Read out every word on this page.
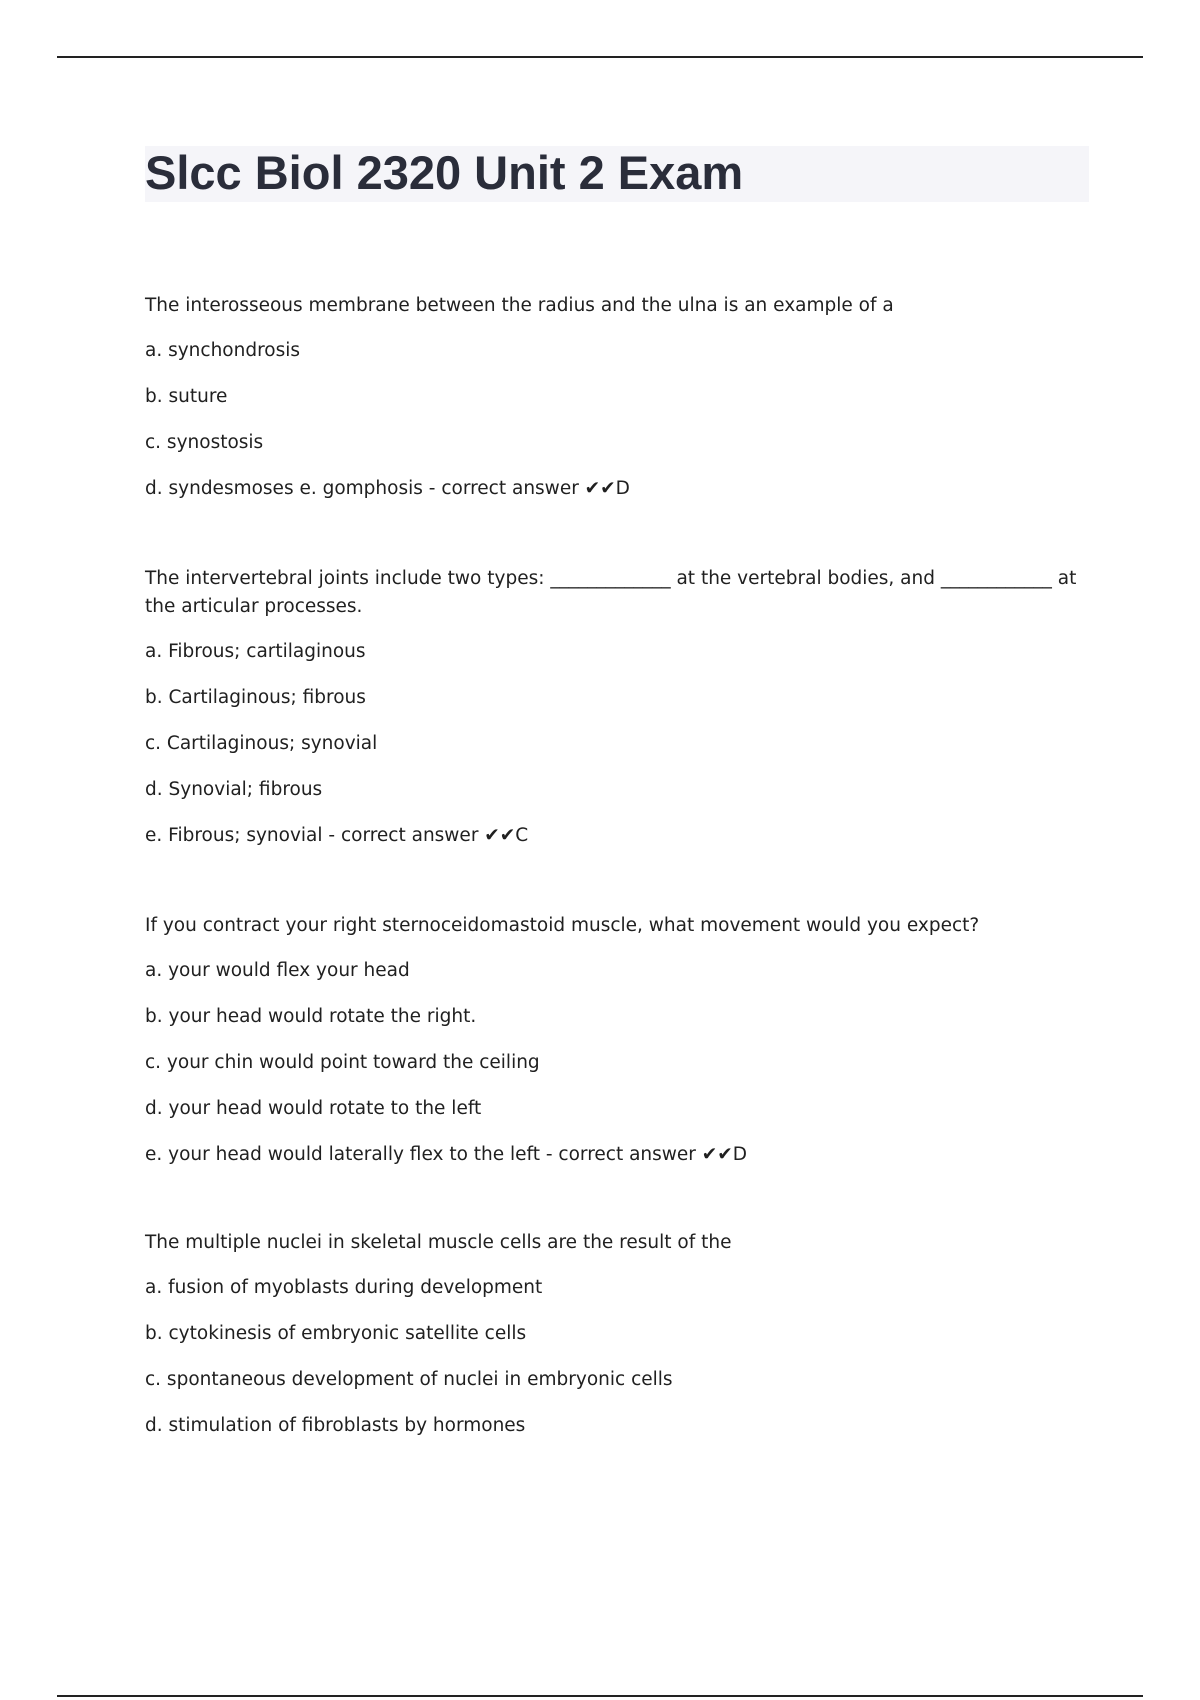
Slcc Biol 2320 Unit 2 Exam

The interosseous membrane between the radius and the ulna is an example of a

a. synchondrosis

b. suture

c. synostosis

d. syndesmoses e. gomphosis - correct answer ✔✔D

The intervertebral joints include two types: _____________ at the vertebral bodies, and ____________ at the articular processes.

a. Fibrous; cartilaginous

b. Cartilaginous; fibrous

c. Cartilaginous; synovial

d. Synovial; fibrous

e. Fibrous; synovial - correct answer ✔✔C

If you contract your right sternoceidomastoid muscle, what movement would you expect?

a. your would flex your head

b. your head would rotate the right.

c. your chin would point toward the ceiling

d. your head would rotate to the left

e. your head would laterally flex to the left - correct answer ✔✔D

The multiple nuclei in skeletal muscle cells are the result of the

a. fusion of myoblasts during development

b. cytokinesis of embryonic satellite cells

c. spontaneous development of nuclei in embryonic cells

d. stimulation of fibroblasts by hormones
